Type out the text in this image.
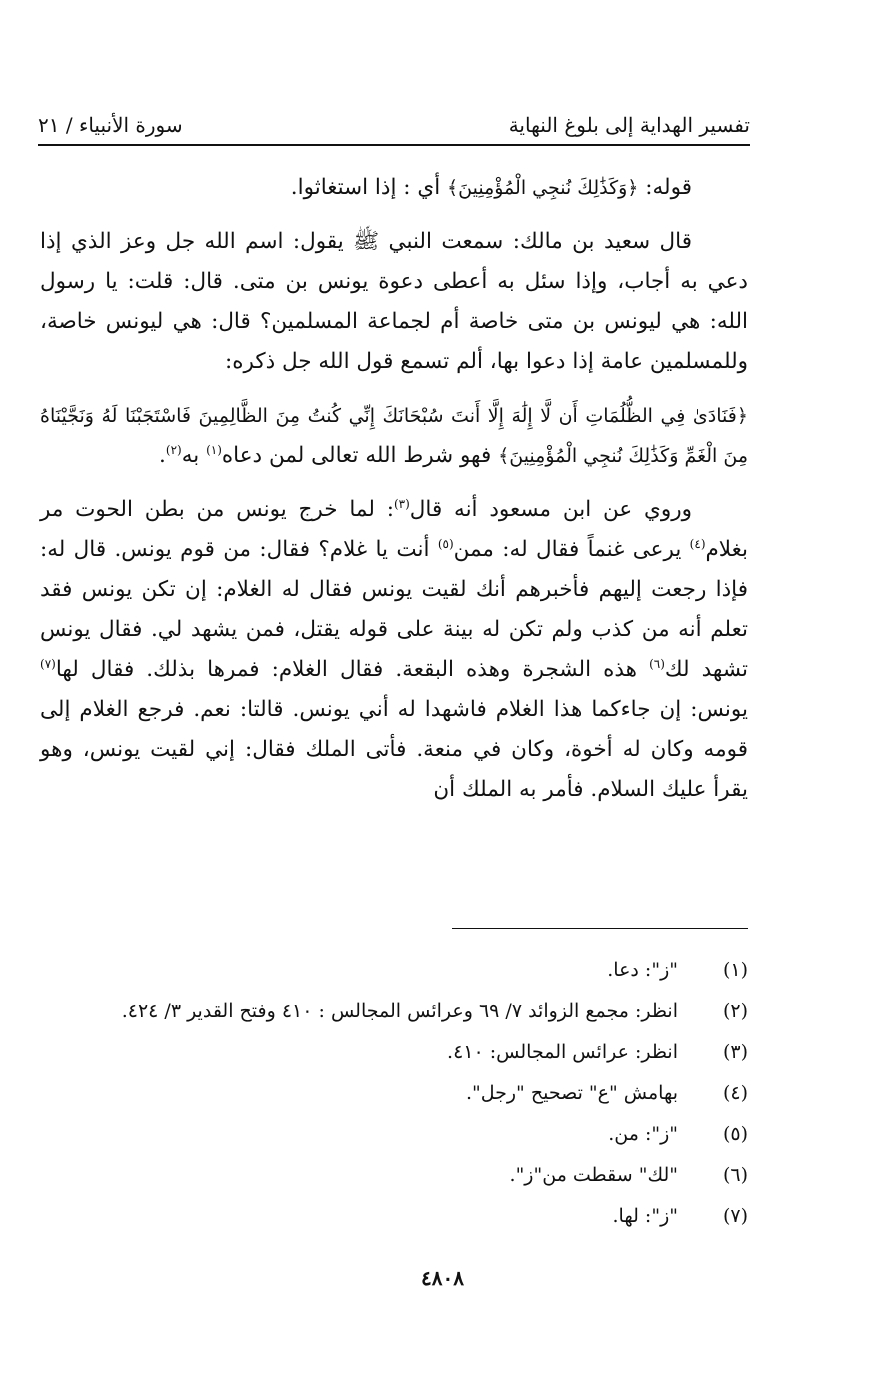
تفسير الهداية إلى بلوغ النهاية
سورة الأنبياء / ٢١

قوله: ﴿وَكَذَٰلِكَ نُنجِي الْمُؤْمِنِينَ﴾ أي : إذا استغاثوا.

قال سعيد بن مالك: سمعت النبي ﷺ يقول: اسم الله جل وعز الذي إذا دعي به أجاب، وإذا سئل به أعطى دعوة يونس بن متى. قال: قلت: يا رسول الله: هي ليونس بن متى خاصة أم لجماعة المسلمين؟ قال: هي ليونس خاصة، وللمسلمين عامة إذا دعوا بها، ألم تسمع قول الله جل ذكره:

﴿فَنَادَىٰ فِي الظُّلُمَاتِ أَن لَّا إِلَٰهَ إِلَّا أَنتَ سُبْحَانَكَ إِنِّي كُنتُ مِنَ الظَّالِمِينَ فَاسْتَجَبْنَا لَهُ وَنَجَّيْنَاهُ مِنَ الْغَمِّ وَكَذَٰلِكَ نُنجِي الْمُؤْمِنِينَ﴾ فهو شرط الله تعالى لمن دعاه$^{(١)}$ به$^{(٢)}$.

وروي عن ابن مسعود أنه قال$^{(٣)}$: لما خرج يونس من بطن الحوت مر بغلام$^{(٤)}$ يرعى غنماً فقال له: ممن$^{(٥)}$ أنت يا غلام؟ فقال: من قوم يونس. قال له: فإذا رجعت إليهم فأخبرهم أنك لقيت يونس فقال له الغلام: إن تكن يونس فقد تعلم أنه من كذب ولم تكن له بينة على قوله يقتل، فمن يشهد لي. فقال يونس تشهد لك$^{(٦)}$ هذه الشجرة وهذه البقعة. فقال الغلام: فمرها بذلك. فقال لها$^{(٧)}$ يونس: إن جاءكما هذا الغلام فاشهدا له أني يونس. قالتا: نعم. فرجع الغلام إلى قومه وكان له أخوة، وكان في منعة. فأتى الملك فقال: إني لقيت يونس، وهو يقرأ عليك السلام. فأمر به الملك أن

(١)
"ز": دعا.
(٢)
انظر: مجمع الزوائد ٧/ ٦٩ وعرائس المجالس : ٤١٠ وفتح القدير ٣/ ٤٢٤.
(٣)
انظر: عرائس المجالس: ٤١٠.
(٤)
بهامش "ع" تصحيح "رجل".
(٥)
"ز": من.
(٦)
"لك" سقطت من"ز".
(٧)
"ز": لها.
٤٨٠٨
